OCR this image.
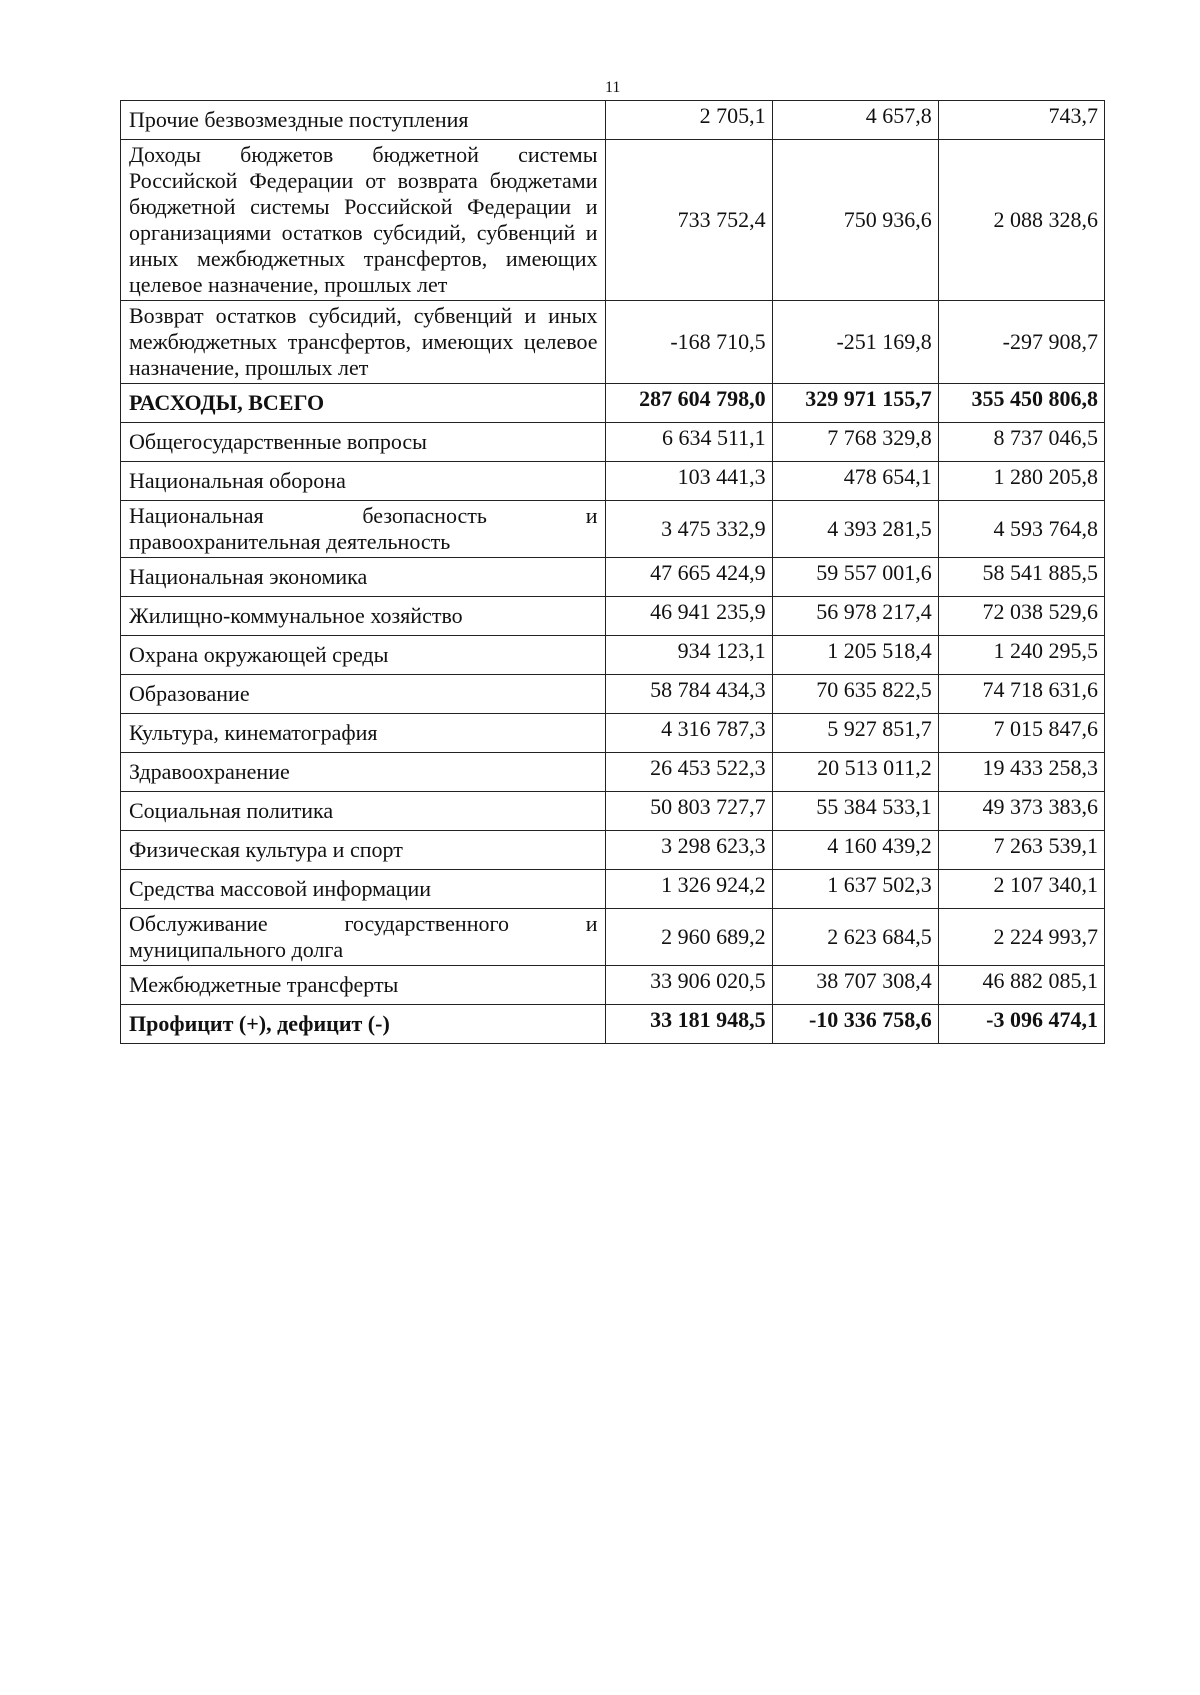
11
Прочие безвозмездные поступления	2 705,1	4 657,8	743,7
Доходы бюджетов бюджетной системы Российской Федерации от возврата бюджетами бюджетной системы Российской Федерации и организациями остатков субсидий, субвенций и иных межбюджетных трансфертов, имеющих целевое назначение, прошлых лет	733 752,4	750 936,6	2 088 328,6
Возврат остатков субсидий, субвенций и иных межбюджетных трансфертов, имеющих целевое назначение, прошлых лет	-168 710,5	-251 169,8	-297 908,7
РАСХОДЫ, ВСЕГО	287 604 798,0	329 971 155,7	355 450 806,8
Общегосударственные вопросы	6 634 511,1	7 768 329,8	8 737 046,5
Национальная оборона	103 441,3	478 654,1	1 280 205,8
Национальная безопасность и правоохранительная деятельность	3 475 332,9	4 393 281,5	4 593 764,8
Национальная экономика	47 665 424,9	59 557 001,6	58 541 885,5
Жилищно-коммунальное хозяйство	46 941 235,9	56 978 217,4	72 038 529,6
Охрана окружающей среды	934 123,1	1 205 518,4	1 240 295,5
Образование	58 784 434,3	70 635 822,5	74 718 631,6
Культура, кинематография	4 316 787,3	5 927 851,7	7 015 847,6
Здравоохранение	26 453 522,3	20 513 011,2	19 433 258,3
Социальная политика	50 803 727,7	55 384 533,1	49 373 383,6
Физическая культура и спорт	3 298 623,3	4 160 439,2	7 263 539,1
Средства массовой информации	1 326 924,2	1 637 502,3	2 107 340,1
Обслуживание государственного и муниципального долга	2 960 689,2	2 623 684,5	2 224 993,7
Межбюджетные трансферты	33 906 020,5	38 707 308,4	46 882 085,1
Профицит (+), дефицит (-)	33 181 948,5	-10 336 758,6	-3 096 474,1
